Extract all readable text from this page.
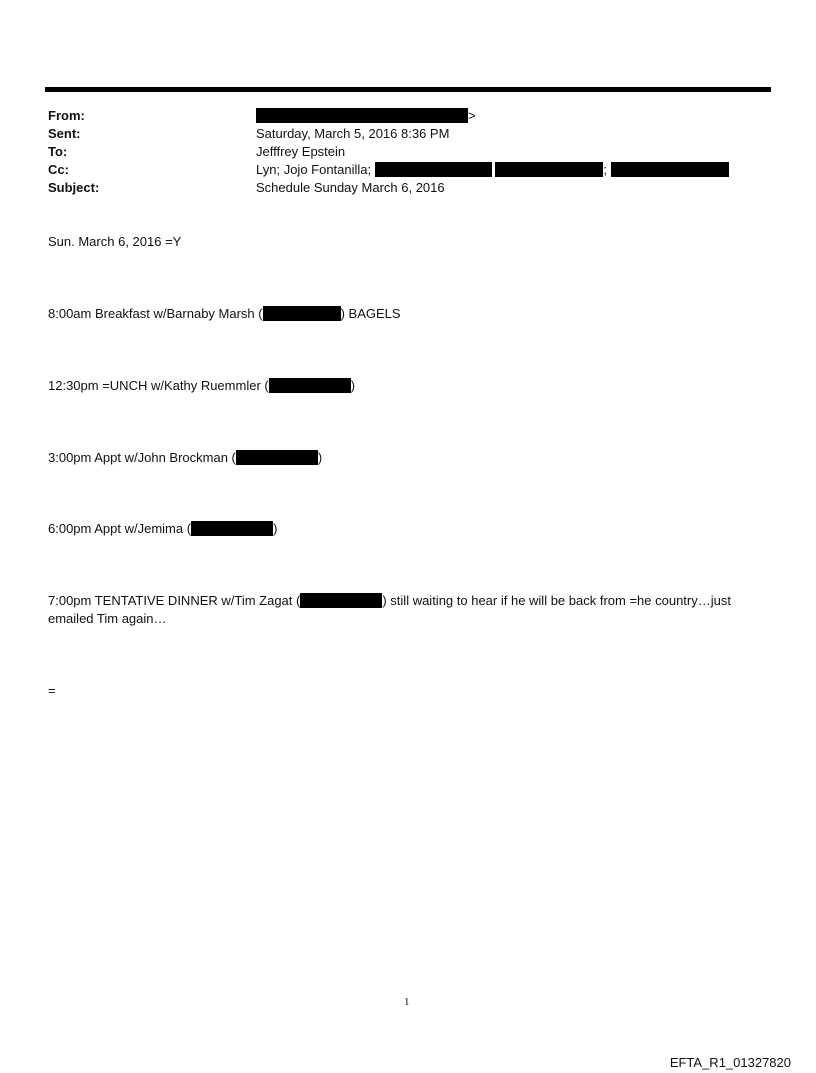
From:	>
Sent:	Saturday, March 5, 2016 8:36 PM
To:	Jefffrey Epstein
Cc:	Lyn; Jojo Fontanilla;	;
Subject:	Schedule Sunday March 6, 2016
Sun. March 6, 2016 =Y
8:00am Breakfast w/Barnaby Marsh (	) BAGELS
12:30pm =UNCH w/Kathy Ruemmler (	)
3:00pm Appt w/John Brockman (	)
6:00pm Appt w/Jemima (	)
7:00pm TENTATIVE DINNER w/Tim Zagat (	) still waiting to hear if he will be back from =he country…just emailed Tim again…
=
1
EFTA_R1_01327820
